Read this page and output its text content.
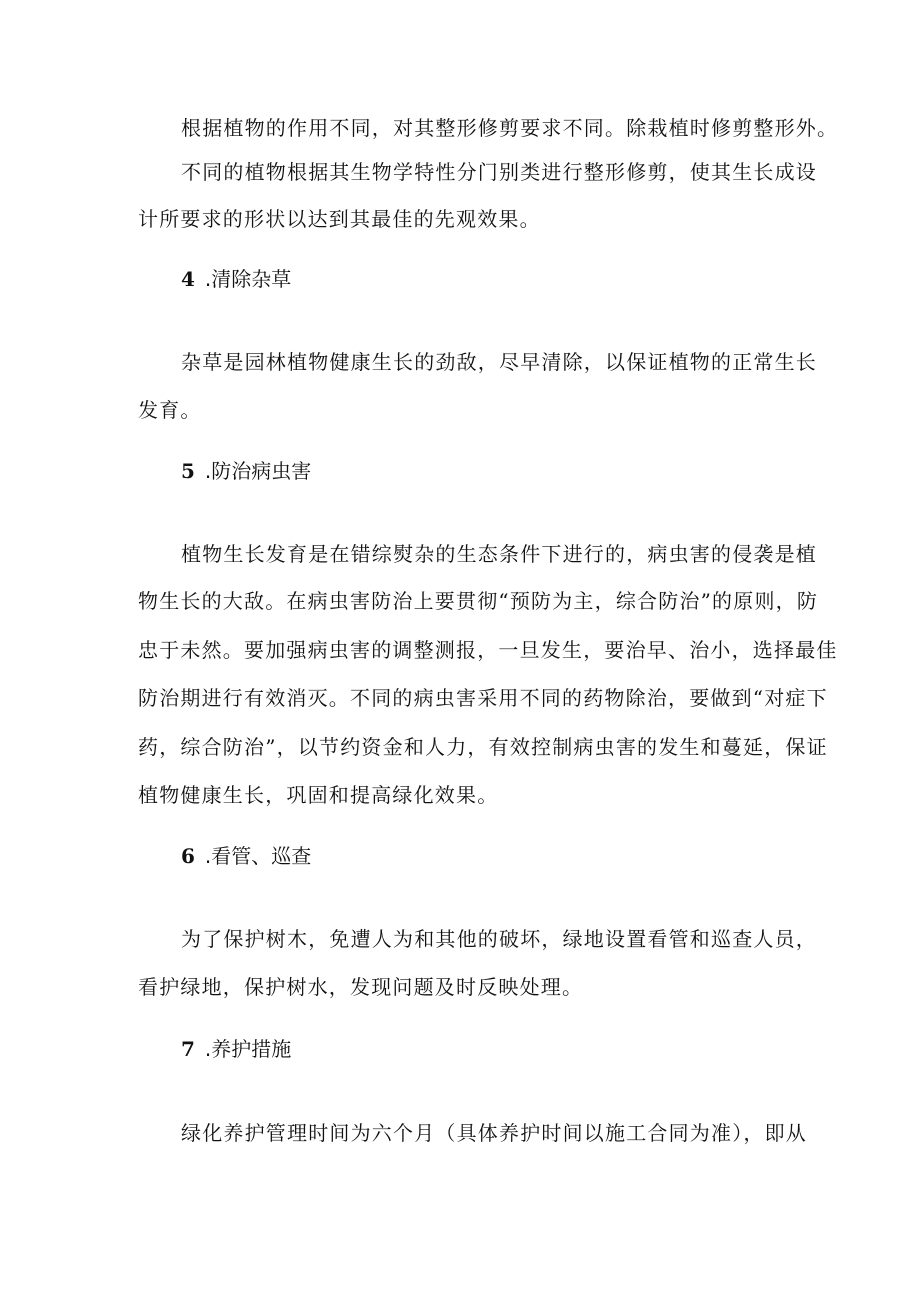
根据植物的作用不同，对其整形修剪要求不同。除栽植时修剪整形外。
不同的植物根据其生物学特性分门别类进行整形修剪，使其生长成设
计所要求的形状以达到其最佳的先观效果。
4 .清除杂草
杂草是园林植物健康生长的劲敌，尽早清除，以保证植物的正常生长
发育。
5 .防治病虫害
植物生长发育是在错综熨杂的生态条件下进行的，病虫害的侵袭是植
物生长的大敌。在病虫害防治上要贯彻“预防为主，综合防治”的原则，防
忠于未然。要加强病虫害的调整测报，一旦发生，要治早、治小，选择最佳
防治期进行有效消灭。不同的病虫害采用不同的药物除治，要做到“对症下
药，综合防治”，以节约资金和人力，有效控制病虫害的发生和蔓延，保证
植物健康生长，巩固和提高绿化效果。
6 .看管、巡查
为了保护树木，免遭人为和其他的破坏，绿地设置看管和巡查人员，
看护绿地，保护树水，发现问题及时反映处理。
7 .养护措施
绿化养护管理时间为六个月（具体养护时间以施工合同为准），即从
